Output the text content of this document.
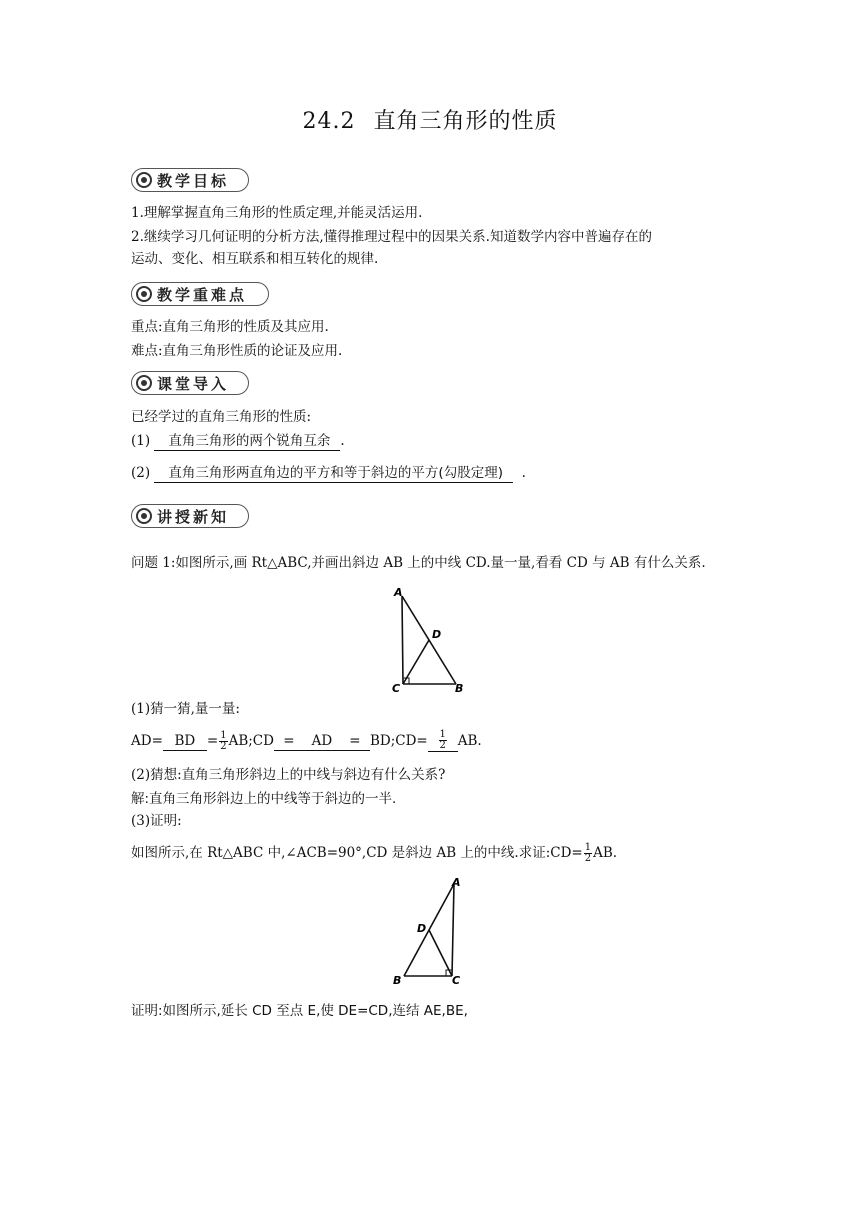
24.2 直角三角形的性质
教学目标
1.理解掌握直角三角形的性质定理,并能灵活运用.
2.继续学习几何证明的分析方法,懂得推理过程中的因果关系.知道数学内容中普遍存在的
运动、变化、相互联系和相互转化的规律.
教学重难点
重点:直角三角形的性质及其应用.
难点:直角三角形性质的论证及应用.
课堂导入
已经学过的直角三角形的性质:
(1) 直角三角形的两个锐角互余 .
(2) 直角三角形两直角边的平方和等于斜边的平方(勾股定理) .
讲授新知
问题 1:如图所示,画 Rt△ABC,并画出斜边 AB 上的中线 CD.量一量,看看 CD 与 AB 有什么关系.
A
D
C	B
(1)猜一猜,量一量:
AD= BD = $\frac{1}{2}$ AB;CD =	AD	= BD;CD= $\frac{1}{2}$ AB.
(2)猜想:直角三角形斜边上的中线与斜边有什么关系?
解:直角三角形斜边上的中线等于斜边的一半.
(3)证明:
如图所示,在 Rt△ABC 中,∠ACB=90°,CD 是斜边 AB 上的中线.求证:CD= $\frac{1}{2}$ AB.
A
D
B	C
证明:如图所示,延长 CD 至点 E,使 DE=CD,连结 AE,BE,
